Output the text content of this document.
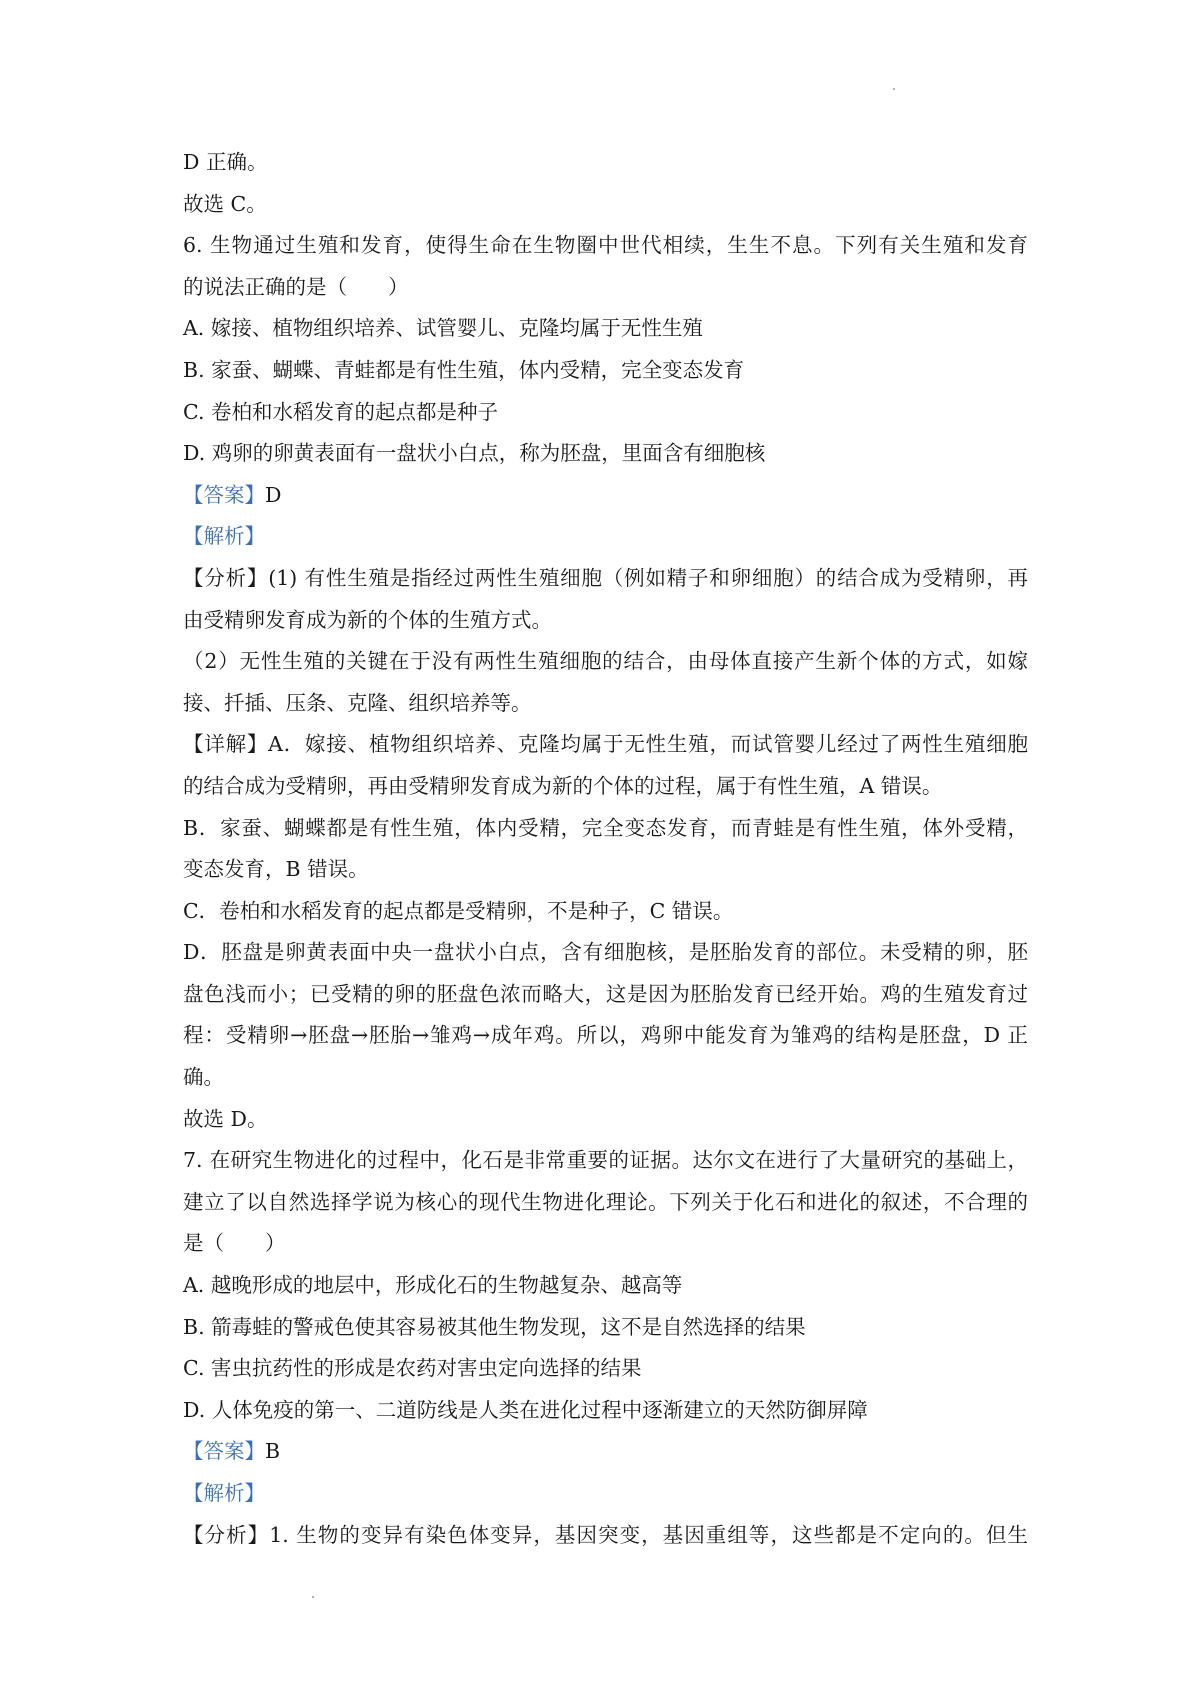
D 正确。
故选 C。
6. 生物通过生殖和发育，使得生命在生物圈中世代相续，生生不息。下列有关生殖和发育
的说法正确的是（　　）
A. 嫁接、植物组织培养、试管婴儿、克隆均属于无性生殖
B. 家蚕、蝴蝶、青蛙都是有性生殖，体内受精，完全变态发育
C. 卷柏和水稻发育的起点都是种子
D. 鸡卵的卵黄表面有一盘状小白点，称为胚盘，里面含有细胞核
【答案】D
【解析】
【分析】(1) 有性生殖是指经过两性生殖细胞（例如精子和卵细胞）的结合成为受精卵，再
由受精卵发育成为新的个体的生殖方式。
（2）无性生殖的关键在于没有两性生殖细胞的结合，由母体直接产生新个体的方式，如嫁
接、扦插、压条、克隆、组织培养等。
【详解】A．嫁接、植物组织培养、克隆均属于无性生殖，而试管婴儿经过了两性生殖细胞
的结合成为受精卵，再由受精卵发育成为新的个体的过程，属于有性生殖，A 错误。
B．家蚕、蝴蝶都是有性生殖，体内受精，完全变态发育，而青蛙是有性生殖，体外受精，
变态发育，B 错误。
C．卷柏和水稻发育的起点都是受精卵，不是种子，C 错误。
D．胚盘是卵黄表面中央一盘状小白点，含有细胞核，是胚胎发育的部位。未受精的卵，胚
盘色浅而小；已受精的卵的胚盘色浓而略大，这是因为胚胎发育已经开始。鸡的生殖发育过
程：受精卵→胚盘→胚胎→雏鸡→成年鸡。所以，鸡卵中能发育为雏鸡的结构是胚盘，D 正
确。
故选 D。
7. 在研究生物进化的过程中，化石是非常重要的证据。达尔文在进行了大量研究的基础上，
建立了以自然选择学说为核心的现代生物进化理论。下列关于化石和进化的叙述，不合理的
是（　　）
A. 越晚形成的地层中，形成化石的生物越复杂、越高等
B. 箭毒蛙的警戒色使其容易被其他生物发现，这不是自然选择的结果
C. 害虫抗药性的形成是农药对害虫定向选择的结果
D. 人体免疫的第一、二道防线是人类在进化过程中逐渐建立的天然防御屏障
【答案】B
【解析】
【分析】1. 生物的变异有染色体变异，基因突变，基因重组等，这些都是不定向的。但生
